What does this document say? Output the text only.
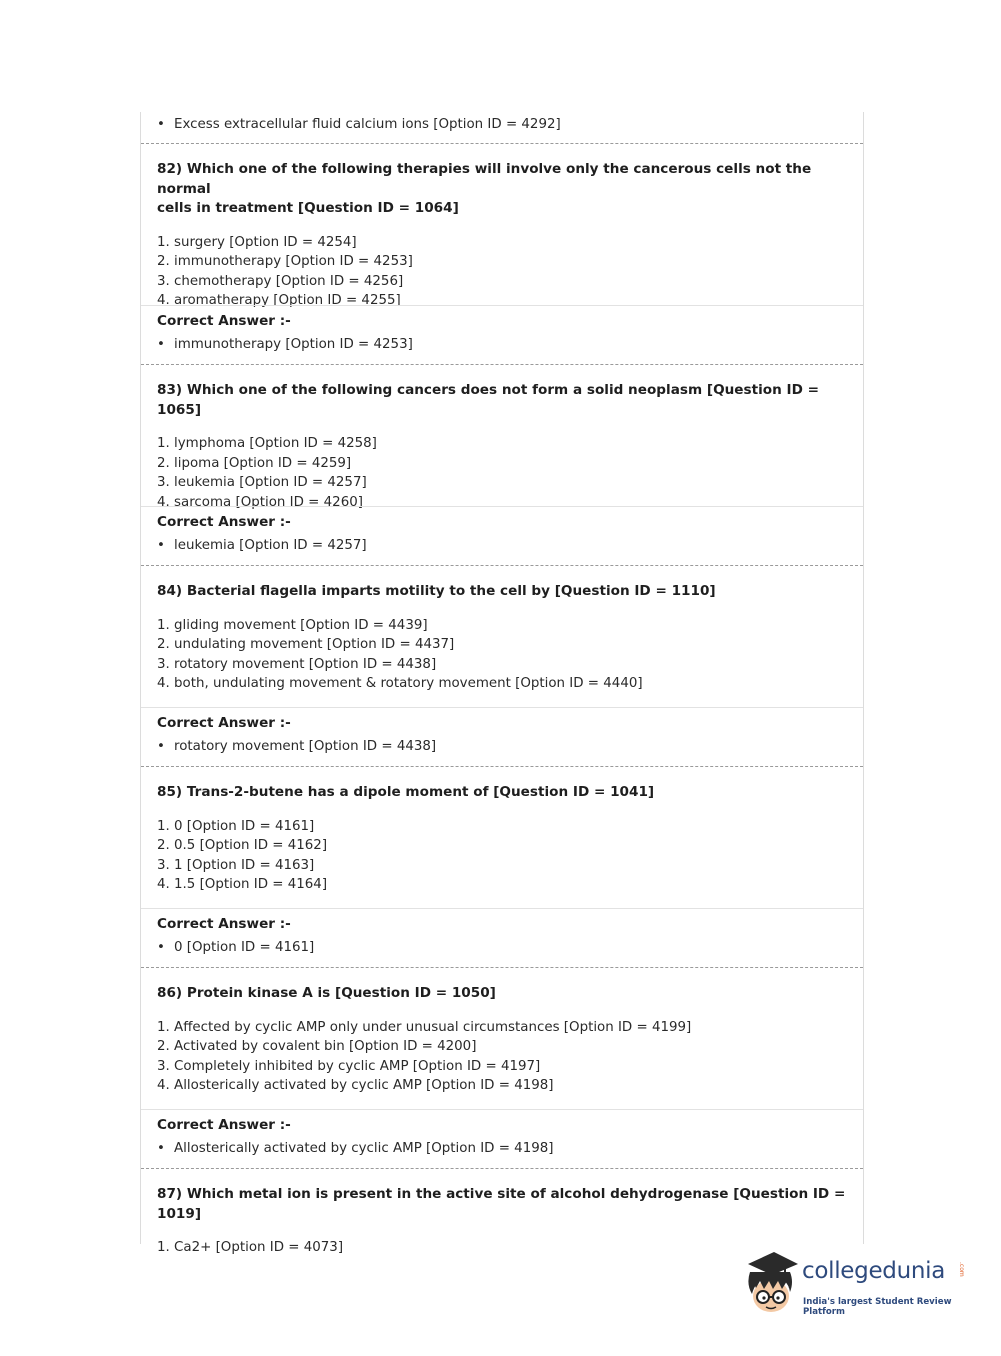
• Excess extracellular fluid calcium ions [Option ID = 4292]

82) Which one of the following therapies will involve only the cancerous cells not the normal

cells in treatment [Question ID = 1064]

1. surgery [Option ID = 4254]

2. immunotherapy [Option ID = 4253]

3. chemotherapy [Option ID = 4256]

4. aromatherapy [Option ID = 4255]

Correct Answer :-

• immunotherapy [Option ID = 4253]

83) Which one of the following cancers does not form a solid neoplasm [Question ID = 1065]

1. lymphoma [Option ID = 4258]

2. lipoma [Option ID = 4259]

3. leukemia [Option ID = 4257]

4. sarcoma [Option ID = 4260]

Correct Answer :-

• leukemia [Option ID = 4257]

84) Bacterial flagella imparts motility to the cell by [Question ID = 1110]

1. gliding movement [Option ID = 4439]

2. undulating movement [Option ID = 4437]

3. rotatory movement [Option ID = 4438]

4. both, undulating movement & rotatory movement [Option ID = 4440]

Correct Answer :-

• rotatory movement [Option ID = 4438]

85) Trans-2-butene has a dipole moment of [Question ID = 1041]

1. 0 [Option ID = 4161]

2. 0.5 [Option ID = 4162]

3. 1 [Option ID = 4163]

4. 1.5 [Option ID = 4164]

Correct Answer :-

• 0 [Option ID = 4161]

86) Protein kinase A is [Question ID = 1050]

1. Affected by cyclic AMP only under unusual circumstances [Option ID = 4199]

2. Activated by covalent bin [Option ID = 4200]

3. Completely inhibited by cyclic AMP [Option ID = 4197]

4. Allosterically activated by cyclic AMP [Option ID = 4198]

Correct Answer :-

• Allosterically activated by cyclic AMP [Option ID = 4198]

87) Which metal ion is present in the active site of alcohol dehydrogenase [Question ID = 1019]

1. Ca2+ [Option ID = 4073]

collegedunia .com
India's largest Student Review Platform
